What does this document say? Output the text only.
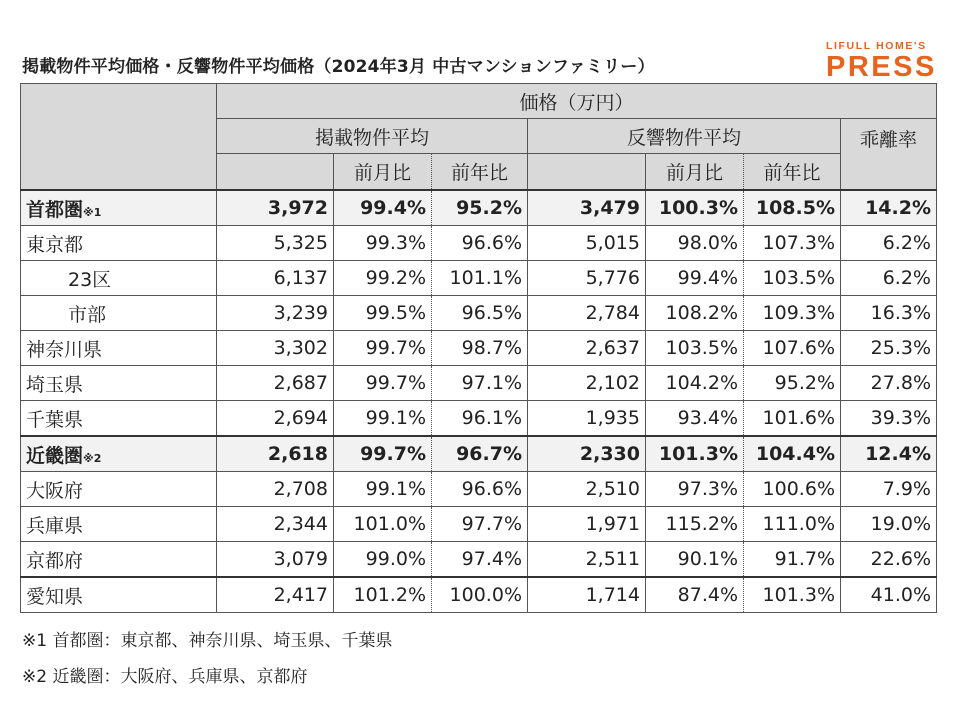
掲載物件平均価格・反響物件平均価格（2024年3月 中古マンションファミリー）
LIFULL HOME'S
PRESS
	価格（万円）						
	掲載物件平均			反響物件平均			乖離率
		前月比	前年比		前月比	前年比	
首都圏※1	3,972	99.4%	95.2%	3,479	100.3%	108.5%	14.2%
東京都	5,325	99.3%	96.6%	5,015	98.0%	107.3%	6.2%
23区	6,137	99.2%	101.1%	5,776	99.4%	103.5%	6.2%
市部	3,239	99.5%	96.5%	2,784	108.2%	109.3%	16.3%
神奈川県	3,302	99.7%	98.7%	2,637	103.5%	107.6%	25.3%
埼玉県	2,687	99.7%	97.1%	2,102	104.2%	95.2%	27.8%
千葉県	2,694	99.1%	96.1%	1,935	93.4%	101.6%	39.3%
近畿圏※2	2,618	99.7%	96.7%	2,330	101.3%	104.4%	12.4%
大阪府	2,708	99.1%	96.6%	2,510	97.3%	100.6%	7.9%
兵庫県	2,344	101.0%	97.7%	1,971	115.2%	111.0%	19.0%
京都府	3,079	99.0%	97.4%	2,511	90.1%	91.7%	22.6%
愛知県	2,417	101.2%	100.0%	1,714	87.4%	101.3%	41.0%
※1 首都圏：東京都、神奈川県、埼玉県、千葉県
※2 近畿圏：大阪府、兵庫県、京都府
